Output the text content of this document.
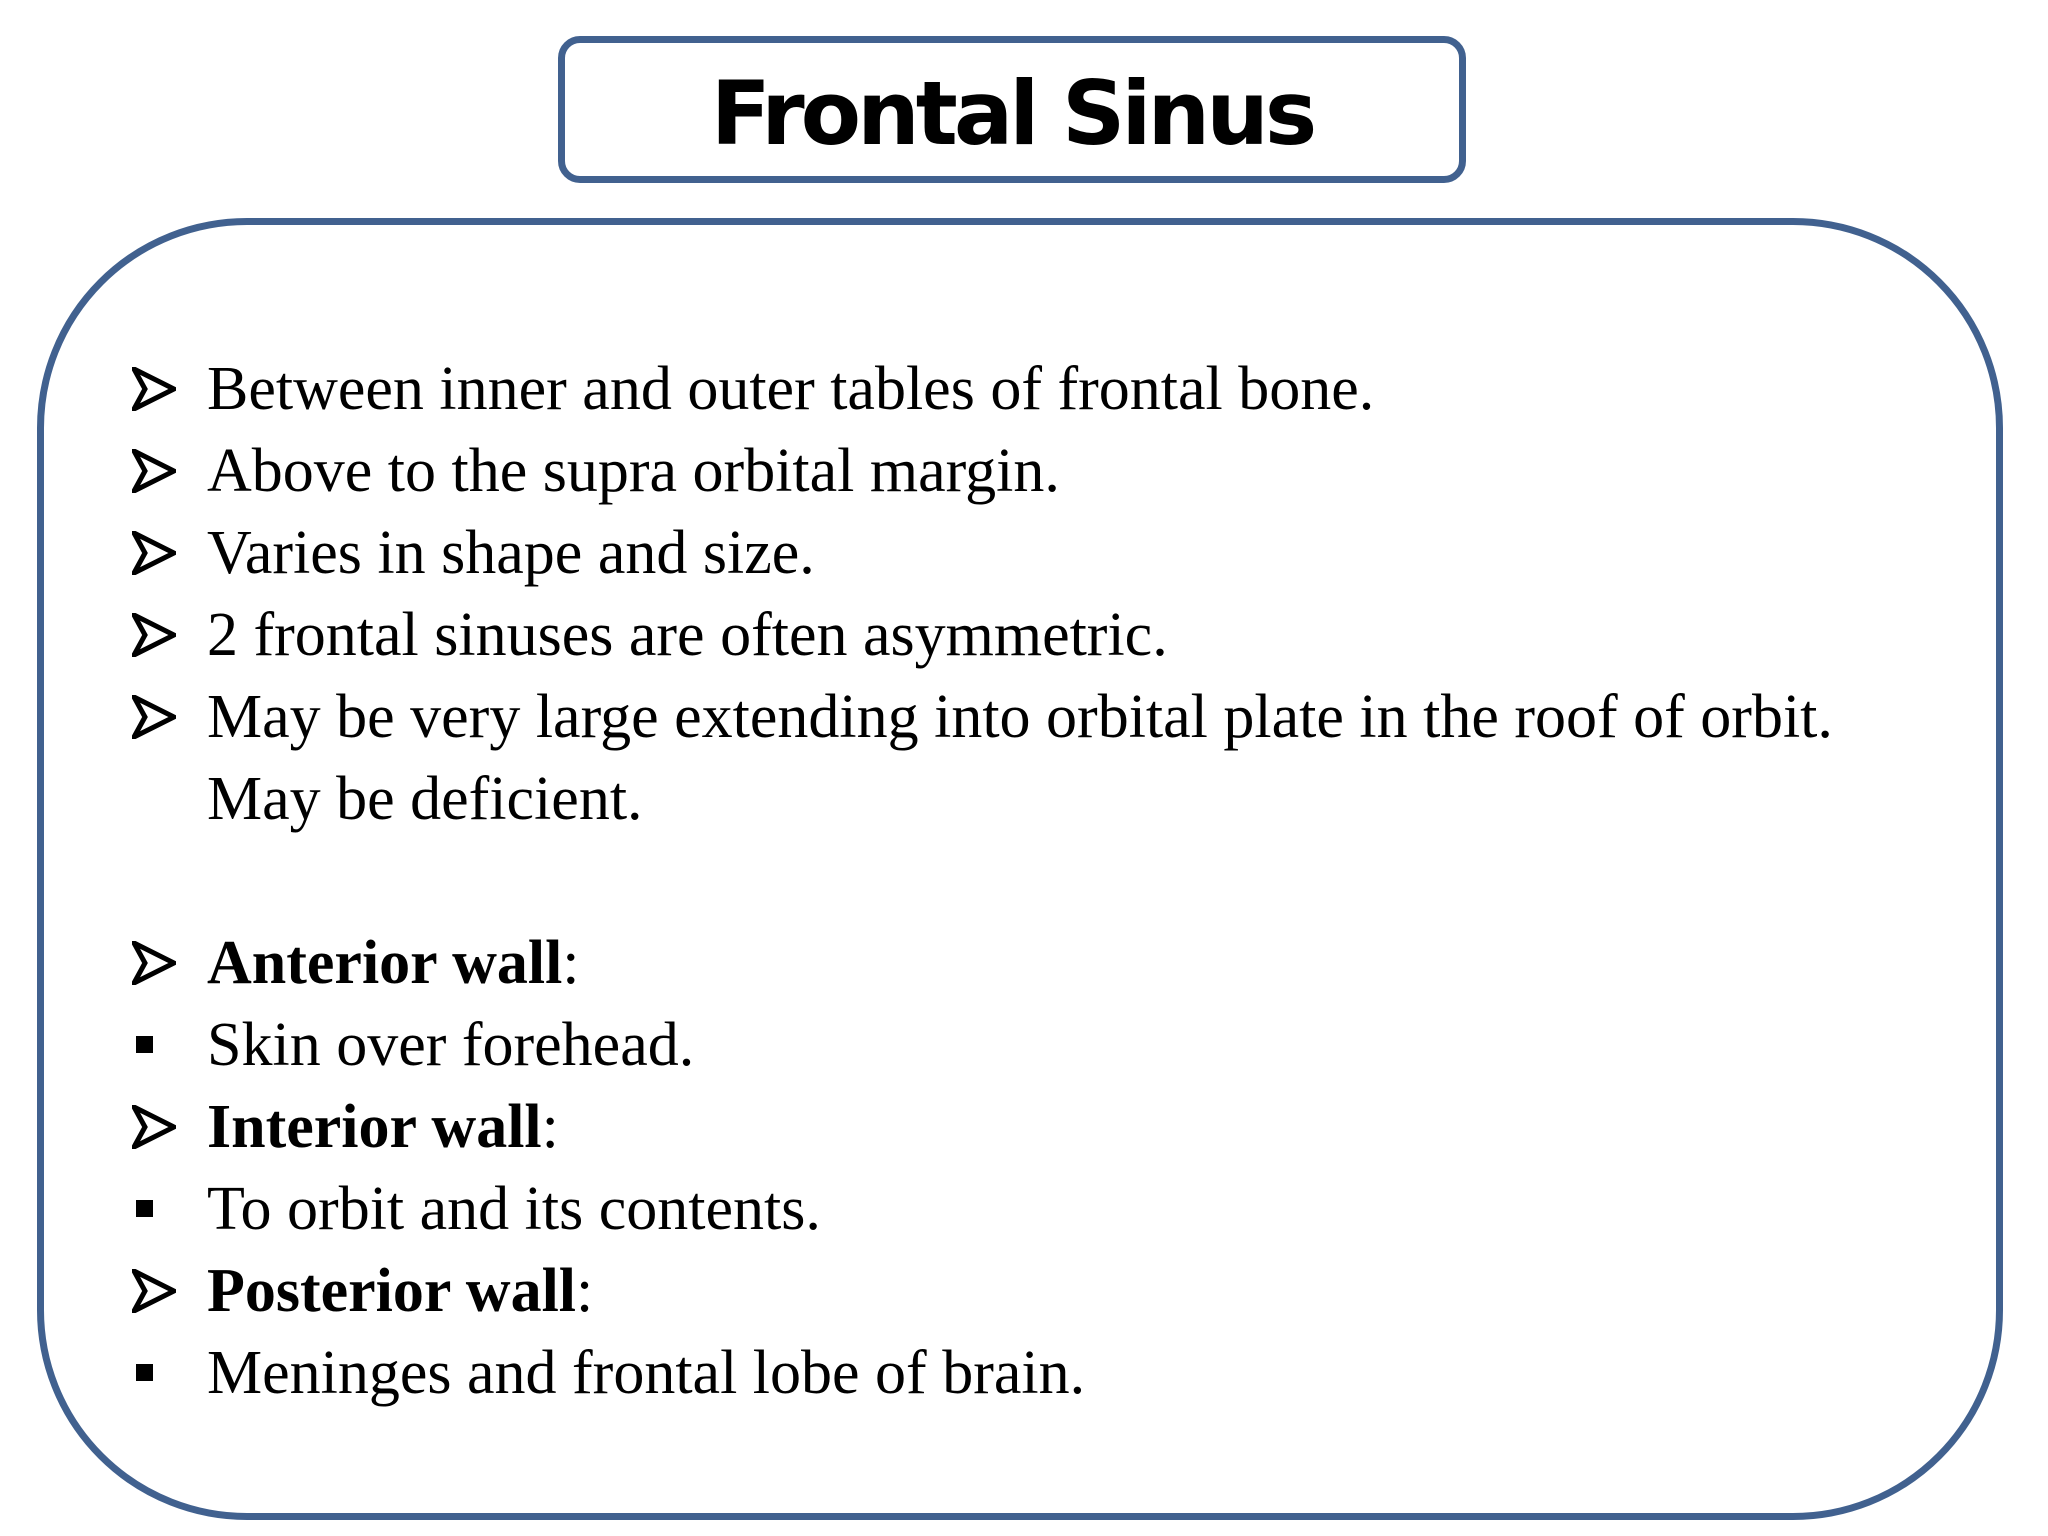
Frontal Sinus
Between inner and outer tables of frontal bone.
Above to the supra orbital margin.
Varies in shape and size.
2 frontal sinuses are often asymmetric.
May be very large extending into orbital plate in the roof of orbit. May be deficient.
Anterior wall:
Skin over forehead.
Interior wall:
To orbit and its contents.
Posterior wall:
Meninges and frontal lobe of brain.
